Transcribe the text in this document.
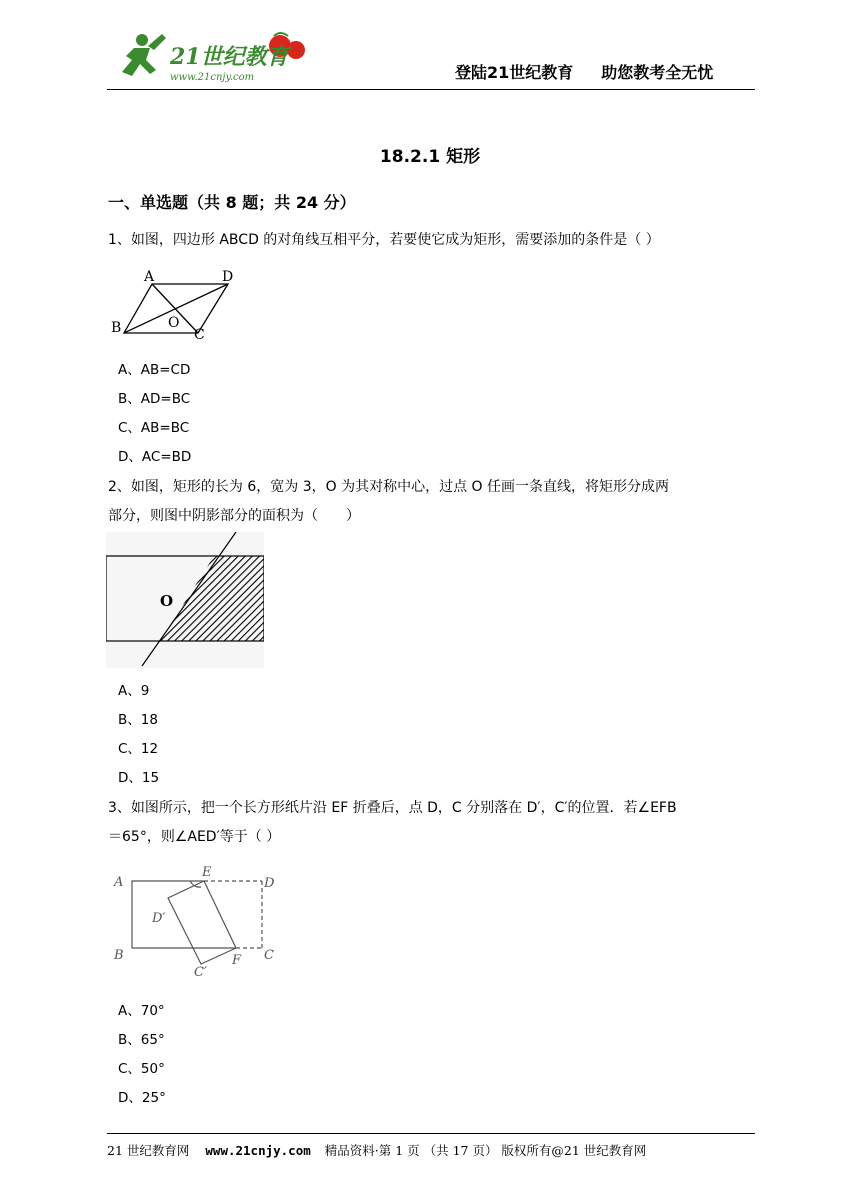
21世纪教育
www.21cnjy.com	登陆21世纪教育 助您教考全无忧
18.2.1 矩形
一、单选题（共 8 题；共 24 分）
1、如图，四边形 ABCD 的对角线互相平分，若要使它成为矩形，需要添加的条件是（ ）
A	D
B	O
C
A、AB=CD
B、AD=BC
C、AB=BC
D、AC=BD
2、如图，矩形的长为 6，宽为 3，O 为其对称中心，过点 O 任画一条直线，将矩形分成两
部分，则图中阴影部分的面积为（　　）
O
A、9
B、18
C、12
D、15
3、如图所示，把一个长方形纸片沿 EF 折叠后，点 D，C 分别落在 D′，C′的位置．若∠EFB
＝65°，则∠AED′等于（ ）
A
E
D
D′
B
C′
F C
A、70°
B、65°
C、50°
D、25°
21 世纪教育网 www.21cnjy.com 精品资料·第 1 页 （共 17 页） 版权所有@21 世纪教育网
